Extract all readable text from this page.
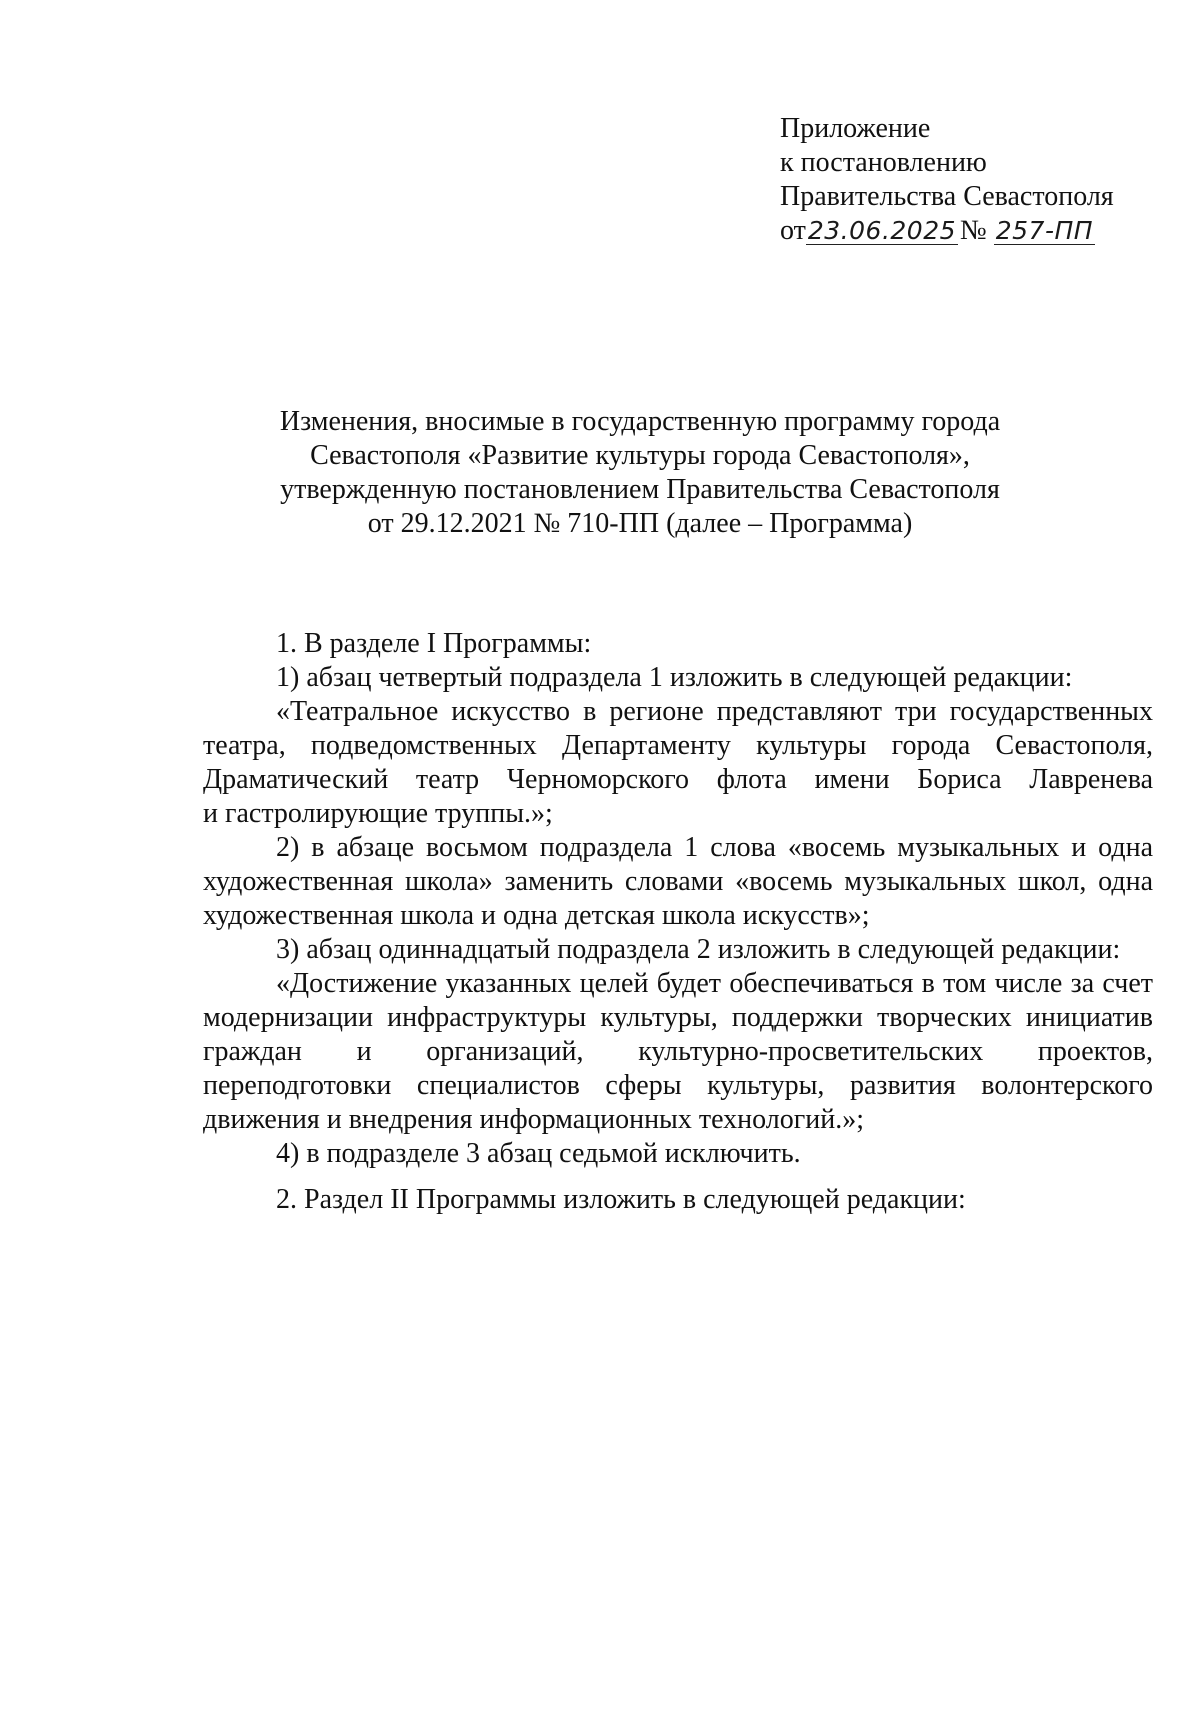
Приложение
к постановлению
Правительства Севастополя
от23.06.2025 № 257-ПП
Изменения, вносимые в государственную программу города
Севастополя «Развитие культуры города Севастополя»,
утвержденную постановлением Правительства Севастополя
от 29.12.2021 № 710-ПП (далее – Программа)

1. В разделе I Программы:

1) абзац четвертый подраздела 1 изложить в следующей редакции:

«Театральное искусство в регионе представляют три государственных
театра, подведомственных Департаменту культуры города Севастополя,
Драматический театр Черноморского флота имени Бориса Лавренева
и гастролирующие труппы.»;
2) в абзаце восьмом подраздела 1 слова «восемь музыкальных и одна
художественная школа» заменить словами «восемь музыкальных школ, одна
художественная школа и одна детская школа искусств»;

3) абзац одиннадцатый подраздела 2 изложить в следующей редакции:

«Достижение указанных целей будет обеспечиваться в том числе за счет
модернизации инфраструктуры культуры, поддержки творческих инициатив
граждан и организаций, культурно-просветительских проектов,
переподготовки специалистов сферы культуры, развития волонтерского
движения и внедрения информационных технологий.»;

4) в подразделе 3 абзац седьмой исключить.

2. Раздел II Программы изложить в следующей редакции:
